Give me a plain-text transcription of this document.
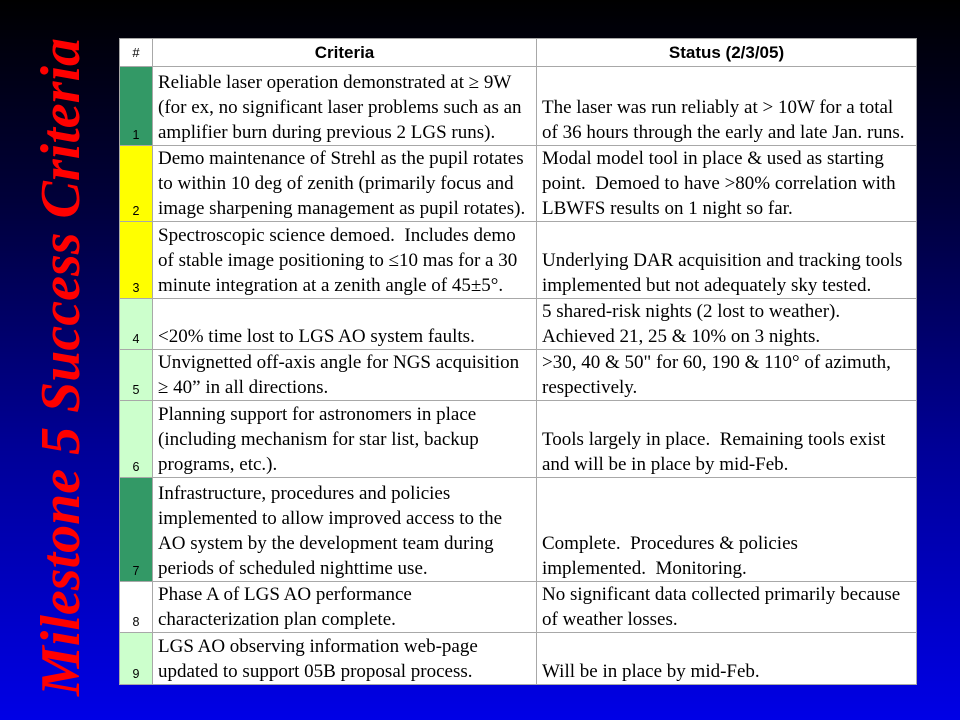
Milestone 5 Success Criteria	#	Criteria	Status (2/3/05)
1	Reliable laser operation demonstrated at ≥ 9W
(for ex, no significant laser problems such as an
amplifier burn during previous 2 LGS runs).	The laser was run reliably at > 10W for a total
of 36 hours through the early and late Jan. runs.
2	Demo maintenance of Strehl as the pupil rotates
to within 10 deg of zenith (primarily focus and
image sharpening management as pupil rotates).	Modal model tool in place & used as starting
point.  Demoed to have >80% correlation with
LBWFS results on 1 night so far.
3	Spectroscopic science demoed.  Includes demo
of stable image positioning to ≤10 mas for a 30
minute integration at a zenith angle of 45±5°.	Underlying DAR acquisition and tracking tools
implemented but not adequately sky tested.
4	<20% time lost to LGS AO system faults.	5 shared-risk nights (2 lost to weather).
Achieved 21, 25 & 10% on 3 nights.
5	Unvignetted off-axis angle for NGS acquisition
≥ 40” in all directions.	>30, 40 & 50" for 60, 190 & 110° of azimuth,
respectively.
6	Planning support for astronomers in place
(including mechanism for star list, backup
programs, etc.).	Tools largely in place.  Remaining tools exist
and will be in place by mid-Feb.
7	Infrastructure, procedures and policies
implemented to allow improved access to the
AO system by the development team during
periods of scheduled nighttime use.	Complete.  Procedures & policies
implemented.  Monitoring.
8	Phase A of LGS AO performance
characterization plan complete.	No significant data collected primarily because
of weather losses.
9	LGS AO observing information web-page
updated to support 05B proposal process.	Will be in place by mid-Feb.
